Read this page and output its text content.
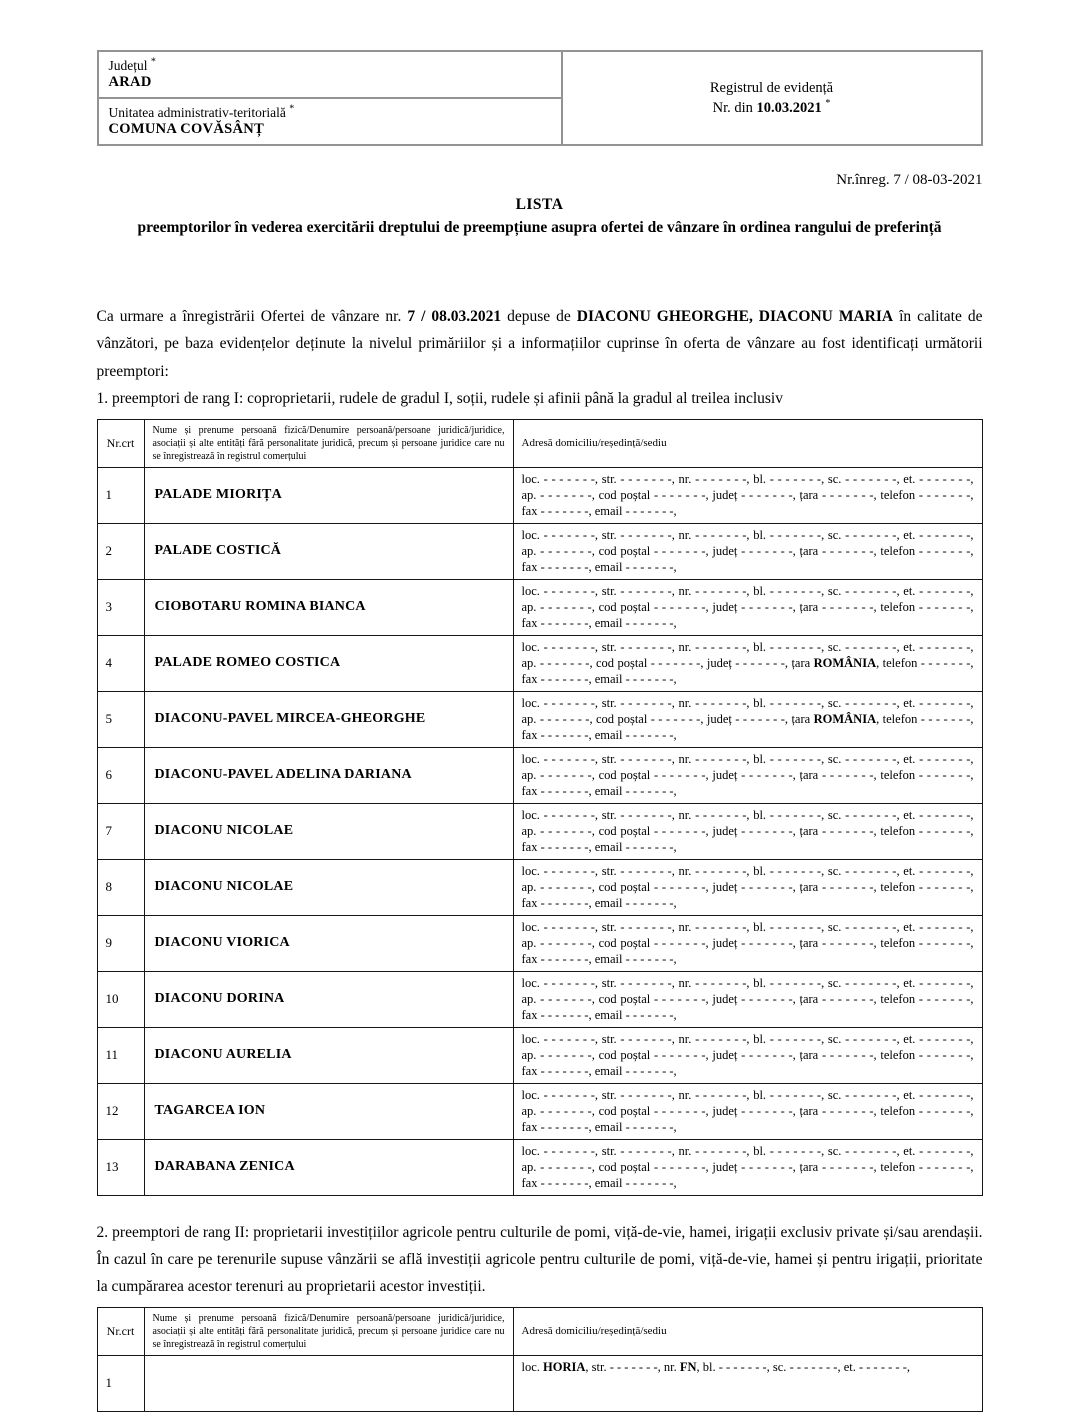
Județul *
ARAD	Registrul de evidență
Nr. din 10.03.2021 *

Unitatea administrativ-teritorială *
COMUNA COVĂSÂNȚ
Nr.înreg. 7 / 08-03-2021
LISTA
preemptorilor în vederea exercitării dreptului de preempțiune asupra ofertei de vânzare în ordinea rangului de preferință
Ca urmare a înregistrării Ofertei de vânzare nr. 7 / 08.03.2021 depuse de DIACONU GHEORGHE, DIACONU MARIA în calitate de vânzători, pe baza evidențelor deținute la nivelul primăriilor și a informațiilor cuprinse în oferta de vânzare au fost identificați următorii preemptori:
1. preemptori de rang I: coproprietarii, rudele de gradul I, soții, rudele și afinii până la gradul al treilea inclusiv
Nr.crt	Nume și prenume persoană fizică/Denumire persoană/persoane juridică/juridice, asociații și alte entități fără personalitate juridică, precum și persoane juridice care nu se înregistrează în registrul comerțului	Adresă domiciliu/reședință/sediu
1	PALADE MIORIȚA	loc. - - - - - - -, str. - - - - - - -, nr. - - - - - - -, bl. - - - - - - -, sc. - - - - - - -, et. - - - - - - -, ap. - - - - - - -, cod poștal - - - - - - -, județ - - - - - - -, țara - - - - - - -, telefon - - - - - - -, fax - - - - - - -, email - - - - - - -,
2	PALADE COSTICĂ	loc. - - - - - - -, str. - - - - - - -, nr. - - - - - - -, bl. - - - - - - -, sc. - - - - - - -, et. - - - - - - -, ap. - - - - - - -, cod poștal - - - - - - -, județ - - - - - - -, țara - - - - - - -, telefon - - - - - - -, fax - - - - - - -, email - - - - - - -,
3	CIOBOTARU ROMINA BIANCA	loc. - - - - - - -, str. - - - - - - -, nr. - - - - - - -, bl. - - - - - - -, sc. - - - - - - -, et. - - - - - - -, ap. - - - - - - -, cod poștal - - - - - - -, județ - - - - - - -, țara - - - - - - -, telefon - - - - - - -, fax - - - - - - -, email - - - - - - -,
4	PALADE ROMEO COSTICA	loc. - - - - - - -, str. - - - - - - -, nr. - - - - - - -, bl. - - - - - - -, sc. - - - - - - -, et. - - - - - - -, ap. - - - - - - -, cod poștal - - - - - - -, județ - - - - - - -, țara ROMÂNIA, telefon - - - - - - -, fax - - - - - - -, email - - - - - - -,
5	DIACONU-PAVEL MIRCEA-GHEORGHE	loc. - - - - - - -, str. - - - - - - -, nr. - - - - - - -, bl. - - - - - - -, sc. - - - - - - -, et. - - - - - - -, ap. - - - - - - -, cod poștal - - - - - - -, județ - - - - - - -, țara ROMÂNIA, telefon - - - - - - -, fax - - - - - - -, email - - - - - - -,
6	DIACONU-PAVEL ADELINA DARIANA	loc. - - - - - - -, str. - - - - - - -, nr. - - - - - - -, bl. - - - - - - -, sc. - - - - - - -, et. - - - - - - -, ap. - - - - - - -, cod poștal - - - - - - -, județ - - - - - - -, țara - - - - - - -, telefon - - - - - - -, fax - - - - - - -, email - - - - - - -,
7	DIACONU NICOLAE	loc. - - - - - - -, str. - - - - - - -, nr. - - - - - - -, bl. - - - - - - -, sc. - - - - - - -, et. - - - - - - -, ap. - - - - - - -, cod poștal - - - - - - -, județ - - - - - - -, țara - - - - - - -, telefon - - - - - - -, fax - - - - - - -, email - - - - - - -,
8	DIACONU NICOLAE	loc. - - - - - - -, str. - - - - - - -, nr. - - - - - - -, bl. - - - - - - -, sc. - - - - - - -, et. - - - - - - -, ap. - - - - - - -, cod poștal - - - - - - -, județ - - - - - - -, țara - - - - - - -, telefon - - - - - - -, fax - - - - - - -, email - - - - - - -,
9	DIACONU VIORICA	loc. - - - - - - -, str. - - - - - - -, nr. - - - - - - -, bl. - - - - - - -, sc. - - - - - - -, et. - - - - - - -, ap. - - - - - - -, cod poștal - - - - - - -, județ - - - - - - -, țara - - - - - - -, telefon - - - - - - -, fax - - - - - - -, email - - - - - - -,
10	DIACONU DORINA	loc. - - - - - - -, str. - - - - - - -, nr. - - - - - - -, bl. - - - - - - -, sc. - - - - - - -, et. - - - - - - -, ap. - - - - - - -, cod poștal - - - - - - -, județ - - - - - - -, țara - - - - - - -, telefon - - - - - - -, fax - - - - - - -, email - - - - - - -,
11	DIACONU AURELIA	loc. - - - - - - -, str. - - - - - - -, nr. - - - - - - -, bl. - - - - - - -, sc. - - - - - - -, et. - - - - - - -, ap. - - - - - - -, cod poștal - - - - - - -, județ - - - - - - -, țara - - - - - - -, telefon - - - - - - -, fax - - - - - - -, email - - - - - - -,
12	TAGARCEA ION	loc. - - - - - - -, str. - - - - - - -, nr. - - - - - - -, bl. - - - - - - -, sc. - - - - - - -, et. - - - - - - -, ap. - - - - - - -, cod poștal - - - - - - -, județ - - - - - - -, țara - - - - - - -, telefon - - - - - - -, fax - - - - - - -, email - - - - - - -,
13	DARABANA ZENICA	loc. - - - - - - -, str. - - - - - - -, nr. - - - - - - -, bl. - - - - - - -, sc. - - - - - - -, et. - - - - - - -, ap. - - - - - - -, cod poștal - - - - - - -, județ - - - - - - -, țara - - - - - - -, telefon - - - - - - -, fax - - - - - - -, email - - - - - - -,
2. preemptori de rang II: proprietarii investițiilor agricole pentru culturile de pomi, viță-de-vie, hamei, irigații exclusiv private și/sau arendașii. În cazul în care pe terenurile supuse vânzării se află investiții agricole pentru culturile de pomi, viță-de-vie, hamei și pentru irigații, prioritate la cumpărarea acestor terenuri au proprietarii acestor investiții.
Nr.crt	Nume și prenume persoană fizică/Denumire persoană/persoane juridică/juridice, asociații și alte entități fără personalitate juridică, precum și persoane juridice care nu se înregistrează în registrul comerțului	Adresă domiciliu/reședință/sediu
1		loc. HORIA, str. - - - - - - -, nr. FN, bl. - - - - - - -, sc. - - - - - - -, et. - - - - - - -,
